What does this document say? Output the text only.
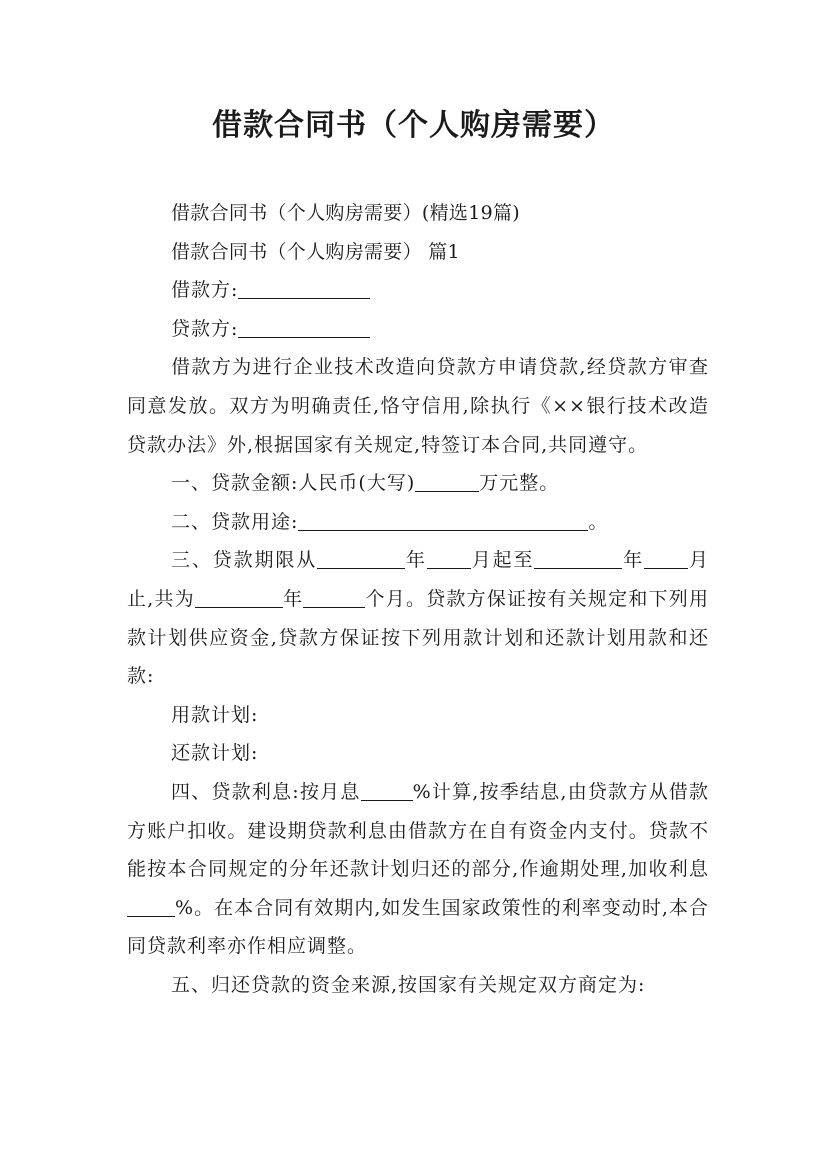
借款合同书（个人购房需要）

借款合同书（个人购房需要）(精选19篇)

借款合同书（个人购房需要） 篇1

借款方:

贷款方:

借款方为进行企业技术改造向贷款方申请贷款,经贷款方审查同意发放。双方为明确责任,恪守信用,除执行《××银行技术改造贷款办法》外,根据国家有关规定,特签订本合同,共同遵守。

一、贷款金额:人民币(大写)	万元整。

二、贷款用途:	。

三、贷款期限从	年 月起至	年 月止,共为	年	个月。贷款方保证按有关规定和下列用款计划供应资金,贷款方保证按下列用款计划和还款计划用款和还款:

用款计划:

还款计划:

四、贷款利息:按月息	%计算,按季结息,由贷款方从借款方账户扣收。建设期贷款利息由借款方在自有资金内支付。贷款不能按本合同规定的分年还款计划归还的部分,作逾期处理,加收利息%。在本合同有效期内,如发生国家政策性的利率变动时,本合同贷款利率亦作相应调整。

五、归还贷款的资金来源,按国家有关规定双方商定为:
